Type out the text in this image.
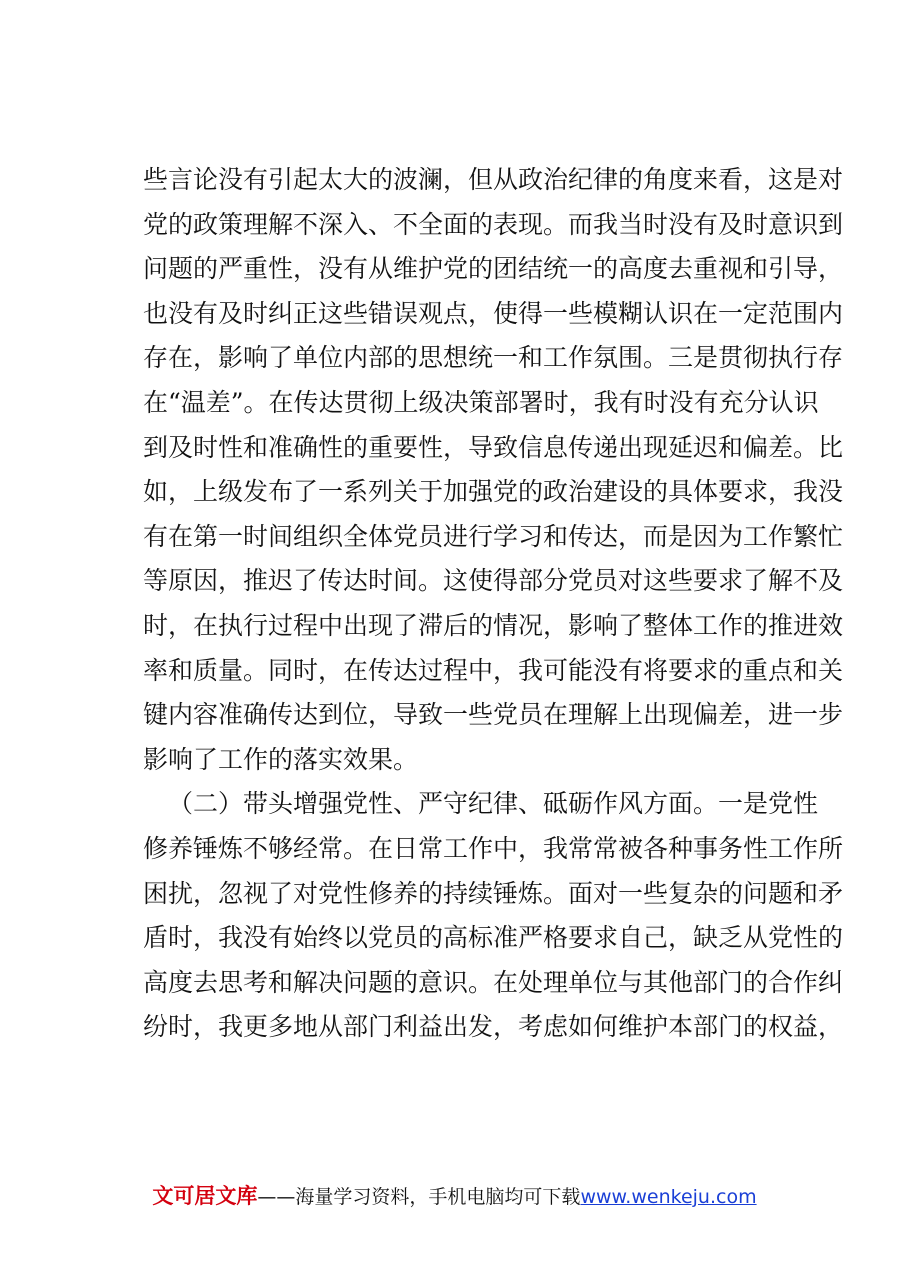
些言论没有引起太大的波澜，但从政治纪律的角度来看，这是对
党的政策理解不深入、不全面的表现。而我当时没有及时意识到
问题的严重性，没有从维护党的团结统一的高度去重视和引导，
也没有及时纠正这些错误观点，使得一些模糊认识在一定范围内
存在，影响了单位内部的思想统一和工作氛围。三是贯彻执行存
在“温差”。在传达贯彻上级决策部署时，我有时没有充分认识
到及时性和准确性的重要性，导致信息传递出现延迟和偏差。比
如，上级发布了一系列关于加强党的政治建设的具体要求，我没
有在第一时间组织全体党员进行学习和传达，而是因为工作繁忙
等原因，推迟了传达时间。这使得部分党员对这些要求了解不及
时，在执行过程中出现了滞后的情况，影响了整体工作的推进效
率和质量。同时，在传达过程中，我可能没有将要求的重点和关
键内容准确传达到位，导致一些党员在理解上出现偏差，进一步
影响了工作的落实效果。
（二）带头增强党性、严守纪律、砥砺作风方面。一是党性
修养锤炼不够经常。在日常工作中，我常常被各种事务性工作所
困扰，忽视了对党性修养的持续锤炼。面对一些复杂的问题和矛
盾时，我没有始终以党员的高标准严格要求自己，缺乏从党性的
高度去思考和解决问题的意识。在处理单位与其他部门的合作纠
纷时，我更多地从部门利益出发，考虑如何维护本部门的权益，
文可居文库——海量学习资料，手机电脑均可下载www.wenkeju.com
